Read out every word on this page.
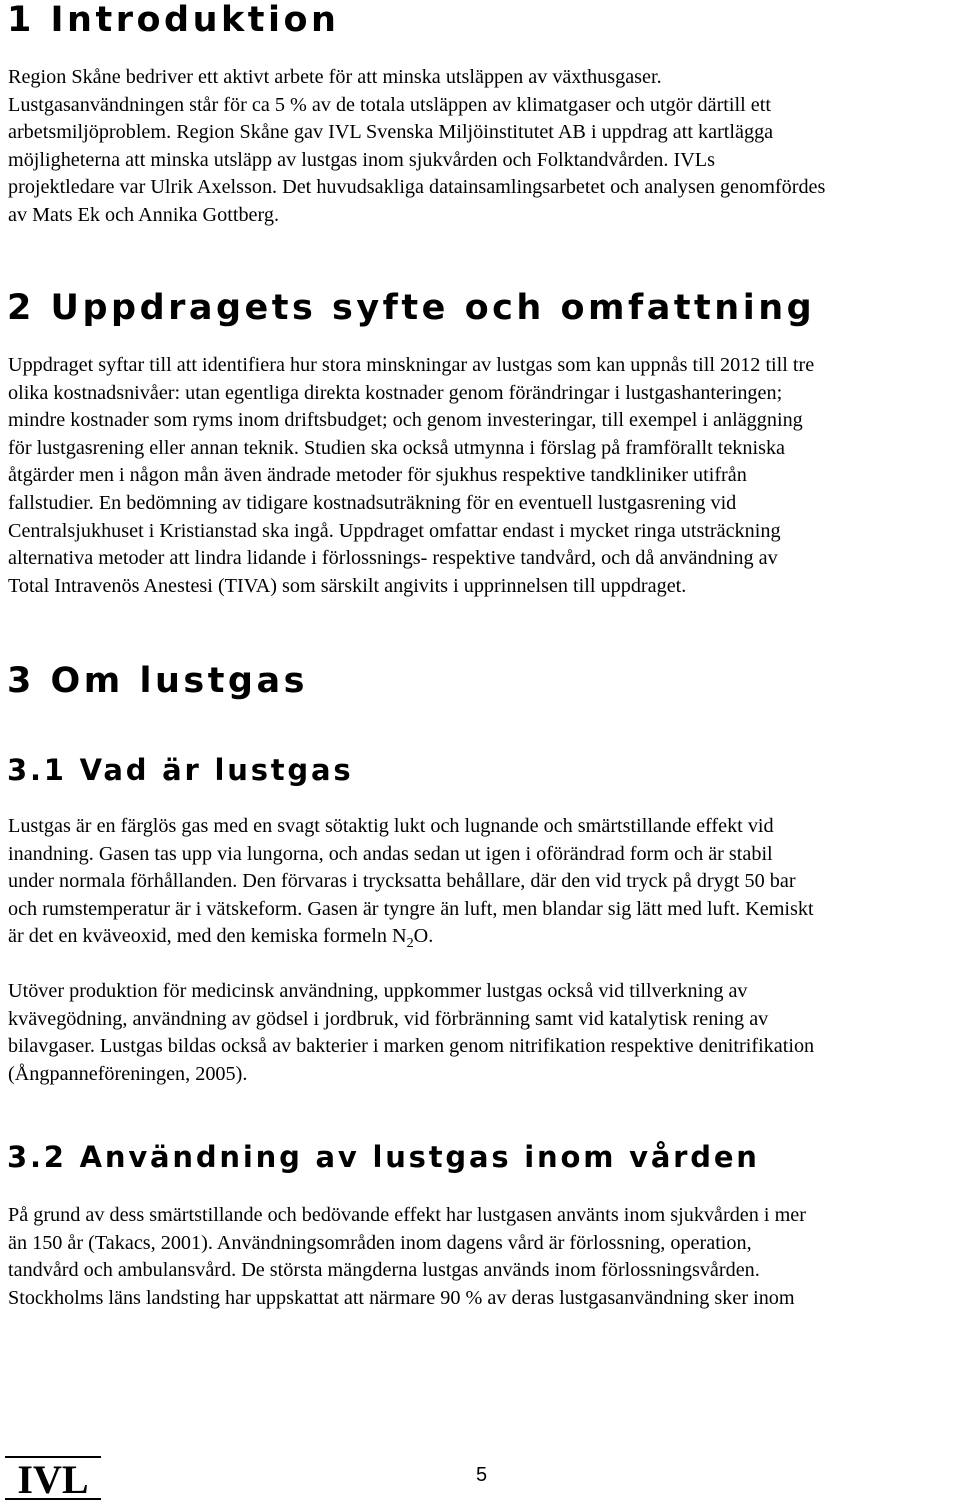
1 Introduktion
Region Skåne bedriver ett aktivt arbete för att minska utsläppen av växthusgaser.
Lustgasanvändningen står för ca 5 % av de totala utsläppen av klimatgaser och utgör därtill ett
arbetsmiljöproblem. Region Skåne gav IVL Svenska Miljöinstitutet AB i uppdrag att kartlägga
möjligheterna att minska utsläpp av lustgas inom sjukvården och Folktandvården. IVLs
projektledare var Ulrik Axelsson. Det huvudsakliga datainsamlingsarbetet och analysen genomfördes
av Mats Ek och Annika Gottberg.
2 Uppdragets syfte och omfattning
Uppdraget syftar till att identifiera hur stora minskningar av lustgas som kan uppnås till 2012 till tre
olika kostnadsnivåer: utan egentliga direkta kostnader genom förändringar i lustgashanteringen;
mindre kostnader som ryms inom driftsbudget; och genom investeringar, till exempel i anläggning
för lustgasrening eller annan teknik. Studien ska också utmynna i förslag på framförallt tekniska
åtgärder men i någon mån även ändrade metoder för sjukhus respektive tandkliniker utifrån
fallstudier. En bedömning av tidigare kostnadsuträkning för en eventuell lustgasrening vid
Centralsjukhuset i Kristianstad ska ingå. Uppdraget omfattar endast i mycket ringa utsträckning
alternativa metoder att lindra lidande i förlossnings- respektive tandvård, och då användning av
Total Intravenös Anestesi (TIVA) som särskilt angivits i upprinnelsen till uppdraget.
3 Om lustgas
3.1 Vad är lustgas
Lustgas är en färglös gas med en svagt sötaktig lukt och lugnande och smärtstillande effekt vid
inandning. Gasen tas upp via lungorna, och andas sedan ut igen i oförändrad form och är stabil
under normala förhållanden. Den förvaras i trycksatta behållare, där den vid tryck på drygt 50 bar
och rumstemperatur är i vätskeform. Gasen är tyngre än luft, men blandar sig lätt med luft. Kemiskt
är det en kväveoxid, med den kemiska formeln $N_2O$.
Utöver produktion för medicinsk användning, uppkommer lustgas också vid tillverkning av
kvävegödning, användning av gödsel i jordbruk, vid förbränning samt vid katalytisk rening av
bilavgaser. Lustgas bildas också av bakterier i marken genom nitrifikation respektive denitrifikation
(Ångpanneföreningen, 2005).
3.2 Användning av lustgas inom vården
På grund av dess smärtstillande och bedövande effekt har lustgasen använts inom sjukvården i mer
än 150 år (Takacs, 2001). Användningsområden inom dagens vård är förlossning, operation,
tandvård och ambulansvård. De största mängderna lustgas används inom förlossningsvården.
Stockholms läns landsting har uppskattat att närmare 90 % av deras lustgasanvändning sker inom
IVL	5
